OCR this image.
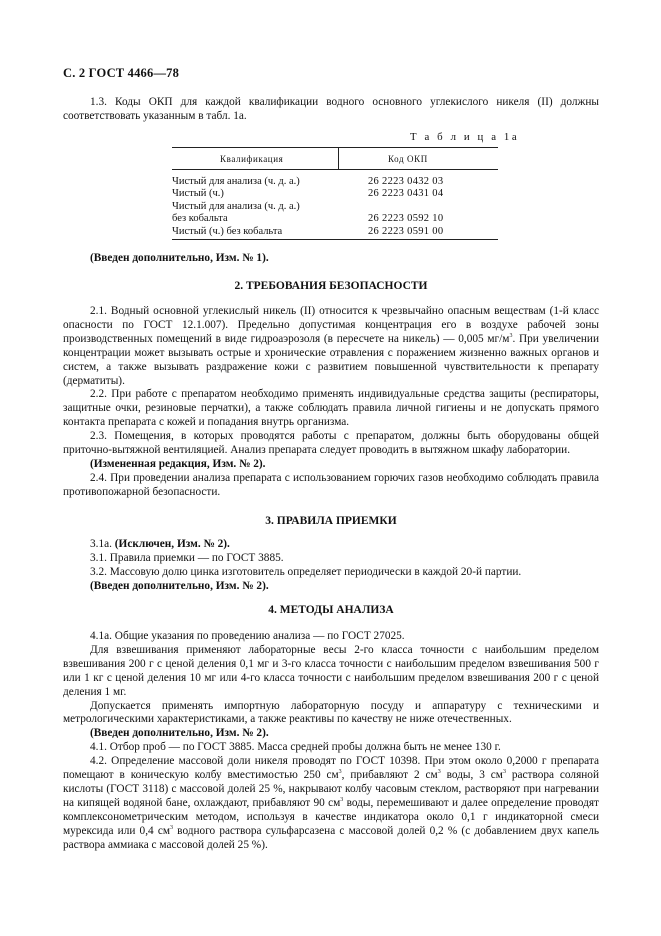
С. 2 ГОСТ 4466—78

1.3. Коды ОКП для каждой квалификации водного основного углекислого никеля (II) должны соответствовать указанным в табл. 1а.

Т а б л и ц а 1а
Квалификация	Код ОКП
Чистый для анализа (ч. д. а.)	26 2223 0432 03
Чистый (ч.)	26 2223 0431 04
Чистый для анализа (ч. д. а.)
без кобальта	26 2223 0592 10
Чистый (ч.) без кобальта	26 2223 0591 00

(Введен дополнительно, Изм. № 1).

2. ТРЕБОВАНИЯ БЕЗОПАСНОСТИ

2.1. Водный основной углекислый никель (II) относится к чрезвычайно опасным веществам (1-й класс опасности по ГОСТ 12.1.007). Предельно допустимая концентрация его в воздухе рабочей зоны производственных помещений в виде гидроаэрозоля (в пересчете на никель) — 0,005 $мг/м^3$. При увеличении концентрации может вызывать острые и хронические отравления с поражением жизненно важных органов и систем, а также вызывать раздражение кожи с развитием повышенной чувствительности к препарату (дерматиты).

2.2. При работе с препаратом необходимо применять индивидуальные средства защиты (респираторы, защитные очки, резиновые перчатки), а также соблюдать правила личной гигиены и не допускать прямого контакта препарата с кожей и попадания внутрь организма.

2.3. Помещения, в которых проводятся работы с препаратом, должны быть оборудованы общей приточно-вытяжной вентиляцией. Анализ препарата следует проводить в вытяжном шкафу лаборатории.

(Измененная редакция, Изм. № 2).

2.4. При проведении анализа препарата с использованием горючих газов необходимо соблюдать правила противопожарной безопасности.

3. ПРАВИЛА ПРИЕМКИ

3.1а. (Исключен, Изм. № 2).

3.1. Правила приемки — по ГОСТ 3885.

3.2. Массовую долю цинка изготовитель определяет периодически в каждой 20-й партии.

(Введен дополнительно, Изм. № 2).

4. МЕТОДЫ АНАЛИЗА

4.1а. Общие указания по проведению анализа — по ГОСТ 27025.

Для взвешивания применяют лабораторные весы 2-го класса точности с наибольшим пределом взвешивания 200 г с ценой деления 0,1 мг и 3-го класса точности с наибольшим пределом взвешивания 500 г или 1 кг с ценой деления 10 мг или 4-го класса точности с наибольшим пределом взвешивания 200 г с ценой деления 1 мг.

Допускается применять импортную лабораторную посуду и аппаратуру с техническими и метрологическими характеристиками, а также реактивы по качеству не ниже отечественных.

(Введен дополнительно, Изм. № 2).

4.1. Отбор проб — по ГОСТ 3885. Масса средней пробы должна быть не менее 130 г.

4.2. Определение массовой доли никеля проводят по ГОСТ 10398. При этом около 0,2000 г препарата помещают в коническую колбу вместимостью 250 $см^3$, прибавляют 2 $см^3$ воды, 3 $см^3$ раствора соляной кислоты (ГОСТ 3118) с массовой долей 25 %, накрывают колбу часовым стеклом, растворяют при нагревании на кипящей водяной бане, охлаждают, прибавляют 90 $см^3$ воды, перемешивают и далее определение проводят комплексонометрическим методом, используя в качестве индикатора около 0,1 г индикаторной смеси мурексида или 0,4 $см^3$ водного раствора сульфарсазена с массовой долей 0,2 % (с добавлением двух капель раствора аммиака с массовой долей 25 %).
